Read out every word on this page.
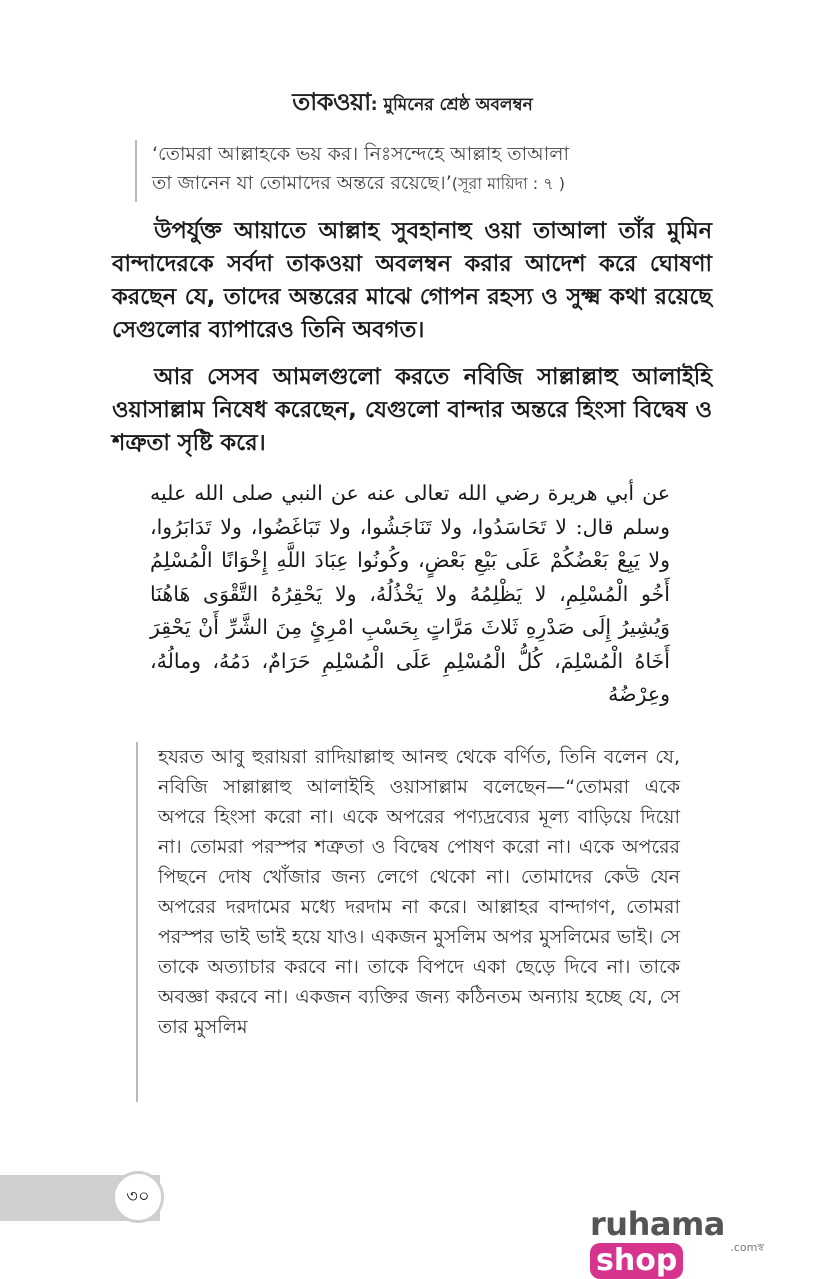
তাকওয়া: মুমিনের শ্রেষ্ঠ অবলম্বন
‘তোমরা আল্লাহকে ভয় কর। নিঃসন্দেহে আল্লাহ তাআলা
তা জানেন যা তোমাদের অন্তরে রয়েছে।’(সূরা মায়িদা : ৭ )
উপর্যুক্ত আয়াতে আল্লাহ সুবহানাহু ওয়া তাআলা তাঁর মুমিন বান্দাদেরকে সর্বদা তাকওয়া অবলম্বন করার আদেশ করে ঘোষণা করছেন যে, তাদের অন্তরের মাঝে গোপন রহস্য ও সুক্ষ্ম কথা রয়েছে সেগুলোর ব্যাপারেও তিনি অবগত।
আর সেসব আমলগুলো করতে নবিজি সাল্লাল্লাহু আলাইহি ওয়াসাল্লাম নিষেধ করেছেন, যেগুলো বান্দার অন্তরে হিংসা বিদ্বেষ ও শত্রুতা সৃষ্টি করে।
عن أبي هريرة رضي الله تعالى عنه عن النبي صلى الله عليه وسلم قال: لا تَحَاسَدُوا، ولا تَنَاجَشُوا، ولا تَبَاغَضُوا، ولا تَدَابَرُوا، ولا يَبِعْ بَعْضُكُمْ عَلَى بَيْعِ بَعْضٍ، وكُونُوا عِبَادَ اللَّهِ إِخْوَانًا الْمُسْلِمُ أَخُو الْمُسْلِمِ، لا يَظْلِمُهُ ولا يَخْذُلُهُ، ولا يَحْقِرُهُ التَّقْوَى هَاهُنَا وَيُشِيرُ إِلَى صَدْرِهِ ثَلاثَ مَرَّاتٍ بِحَسْبِ امْرِئٍ مِنَ الشَّرِّ أَنْ يَحْقِرَ أَخَاهُ الْمُسْلِمَ، كُلُّ الْمُسْلِمِ عَلَى الْمُسْلِمِ حَرَامٌ، دَمُهُ، ومالُهُ، وعِرْضُهُ
হযরত আবু হুরায়রা রাদিয়াল্লাহু আনহু থেকে বর্ণিত, তিনি বলেন যে, নবিজি সাল্লাল্লাহু আলাইহি ওয়াসাল্লাম বলেছেন—“তোমরা একে অপরে হিংসা করো না। একে অপরের পণ্যদ্রব্যের মূল্য বাড়িয়ে দিয়ো না। তোমরা পরস্পর শত্রুতা ও বিদ্বেষ পোষণ করো না। একে অপরের পিছনে দোষ খোঁজার জন্য লেগে থেকো না। তোমাদের কেউ যেন অপরের দরদামের মধ্যে দরদাম না করে। আল্লাহর বান্দাগণ, তোমরা পরস্পর ভাই ভাই হয়ে যাও। একজন মুসলিম অপর মুসলিমের ভাই। সে তাকে অত্যাচার করবে না। তাকে বিপদে একা ছেড়ে দিবে না। তাকে অবজ্ঞা করবে না। একজন ব্যক্তির জন্য কঠিনতম অন্যায় হচ্ছে যে, সে তার মুসলিম
৩০
ruhamashop	.comস্ব
